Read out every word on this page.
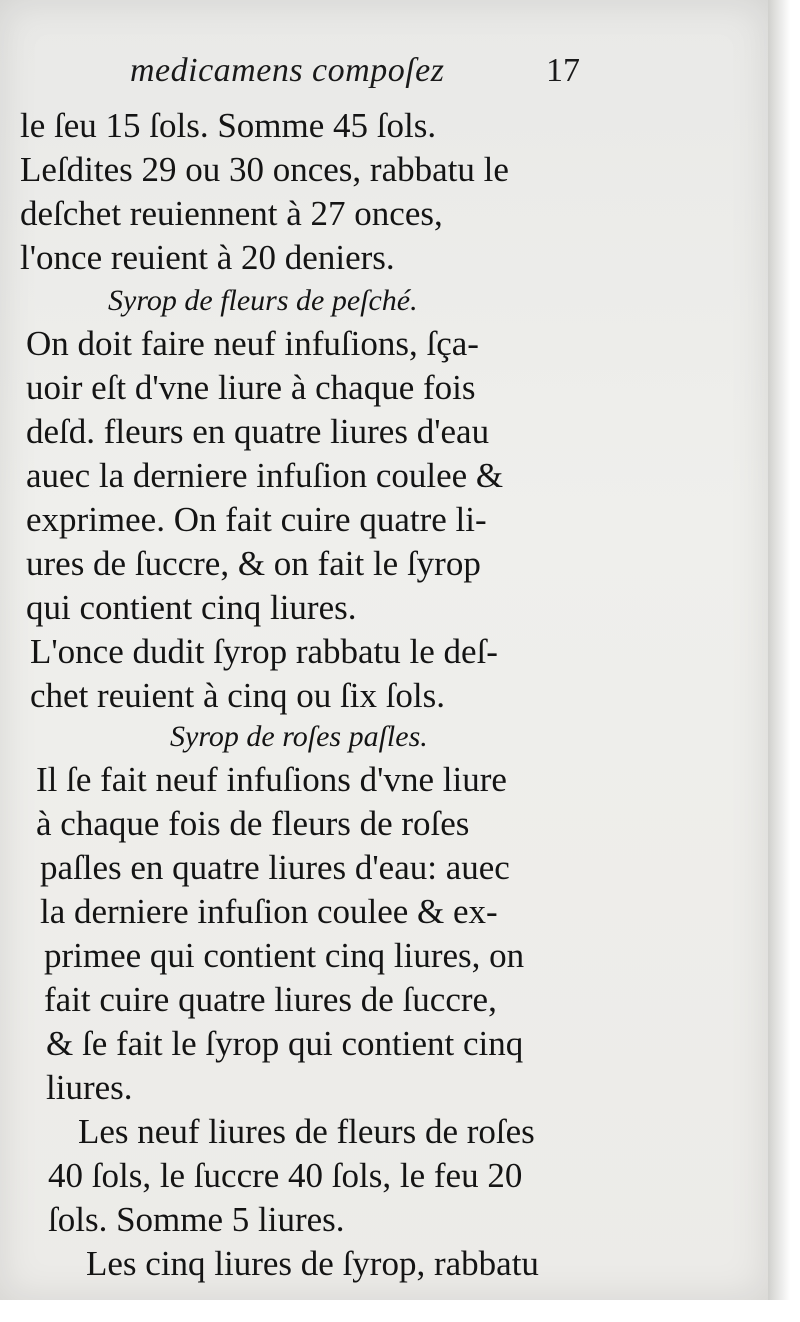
medicamens compoſez	17
le ſeu 15 ſols. Somme 45 ſols.
Leſdites 29 ou 30 onces, rabbatu le
deſchet reuiennent à 27 onces,
l'once reuient à 20 deniers.
Syrop de fleurs de peſché.
On doit faire neuf infuſions, ſça-
uoir eſt d'vne liure à chaque fois
deſd. fleurs en quatre liures d'eau
auec la derniere infuſion coulee &
exprimee. On fait cuire quatre li-
ures de ſuccre, & on fait le ſyrop
qui contient cinq liures.
L'once dudit ſyrop rabbatu le deſ-
chet reuient à cinq ou ſix ſols.
Syrop de roſes paſles.
Il ſe fait neuf infuſions d'vne liure
à chaque fois de fleurs de roſes
paſles en quatre liures d'eau: auec
la derniere infuſion coulee & ex-
primee qui contient cinq liures, on
fait cuire quatre liures de ſuccre,
& ſe fait le ſyrop qui contient cinq
liures.
Les neuf liures de fleurs de roſes
40 ſols, le ſuccre 40 ſols, le feu 20
ſols. Somme 5 liures.
Les cinq liures de ſyrop, rabbatu
